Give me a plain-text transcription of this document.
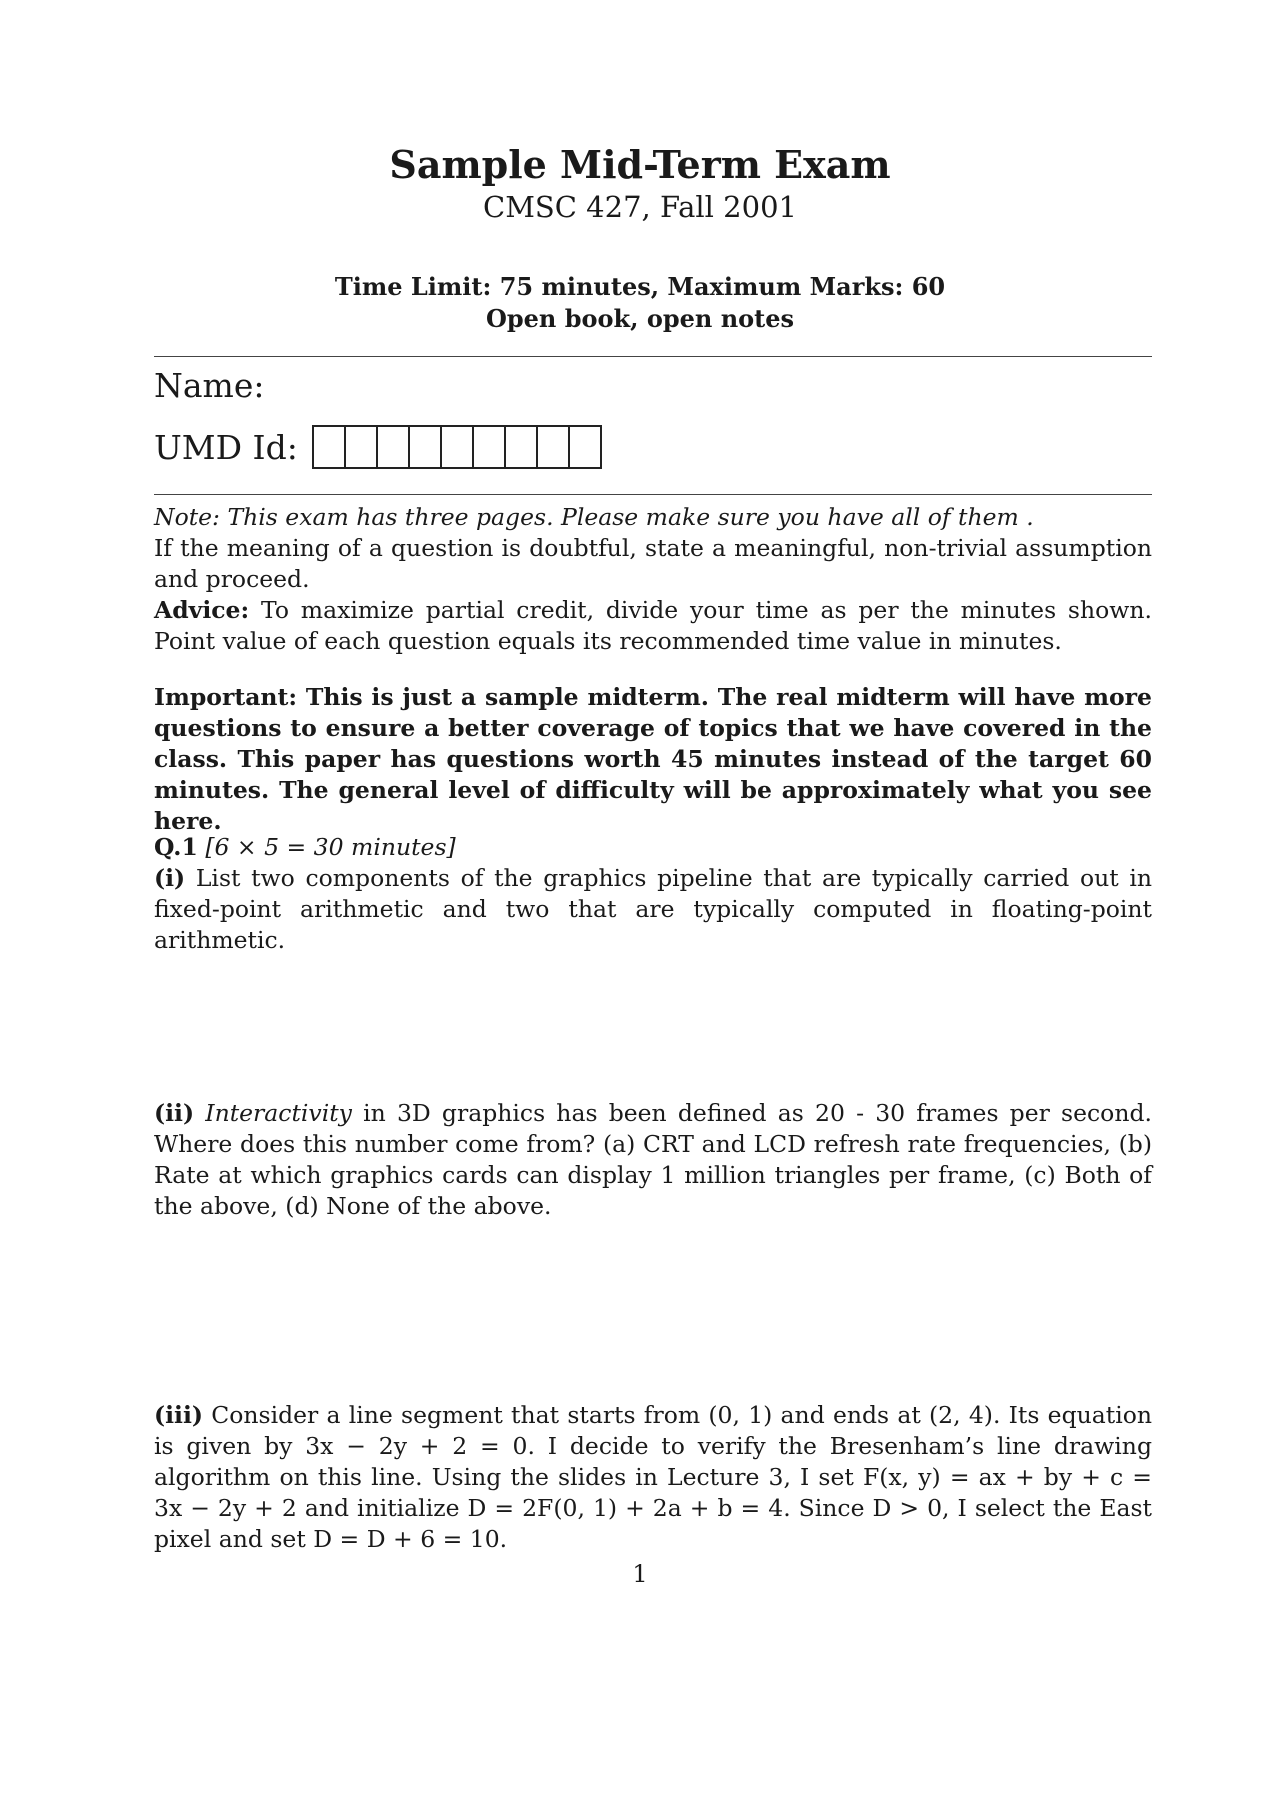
Sample Mid-Term Exam
CMSC 427, Fall 2001
Time Limit: 75 minutes, Maximum Marks: 60
Open book, open notes
Name:
UMD Id:
Note: This exam has three pages. Please make sure you have all of them .
If the meaning of a question is doubtful, state a meaningful, non-trivial assumption and proceed.
Advice: To maximize partial credit, divide your time as per the minutes shown. Point value of each question equals its recommended time value in minutes.
Important: This is just a sample midterm. The real midterm will have more questions to ensure a better coverage of topics that we have covered in the class. This paper has questions worth 45 minutes instead of the target 60 minutes. The general level of difficulty will be approximately what you see here.
Q.1 [6 × 5 = 30 minutes]
(i) List two components of the graphics pipeline that are typically carried out in fixed-point arithmetic and two that are typically computed in floating-point arithmetic.
(ii) Interactivity in 3D graphics has been defined as 20 - 30 frames per second. Where does this number come from? (a) CRT and LCD refresh rate frequencies, (b) Rate at which graphics cards can display 1 million triangles per frame, (c) Both of the above, (d) None of the above.
(iii) Consider a line segment that starts from (0, 1) and ends at (2, 4). Its equation is given by 3x − 2y + 2 = 0. I decide to verify the Bresenham’s line drawing algorithm on this line. Using the slides in Lecture 3, I set F(x, y) = ax + by + c = 3x − 2y + 2 and initialize D = 2F(0, 1) + 2a + b = 4. Since D > 0, I select the East pixel and set D = D + 6 = 10.
1
